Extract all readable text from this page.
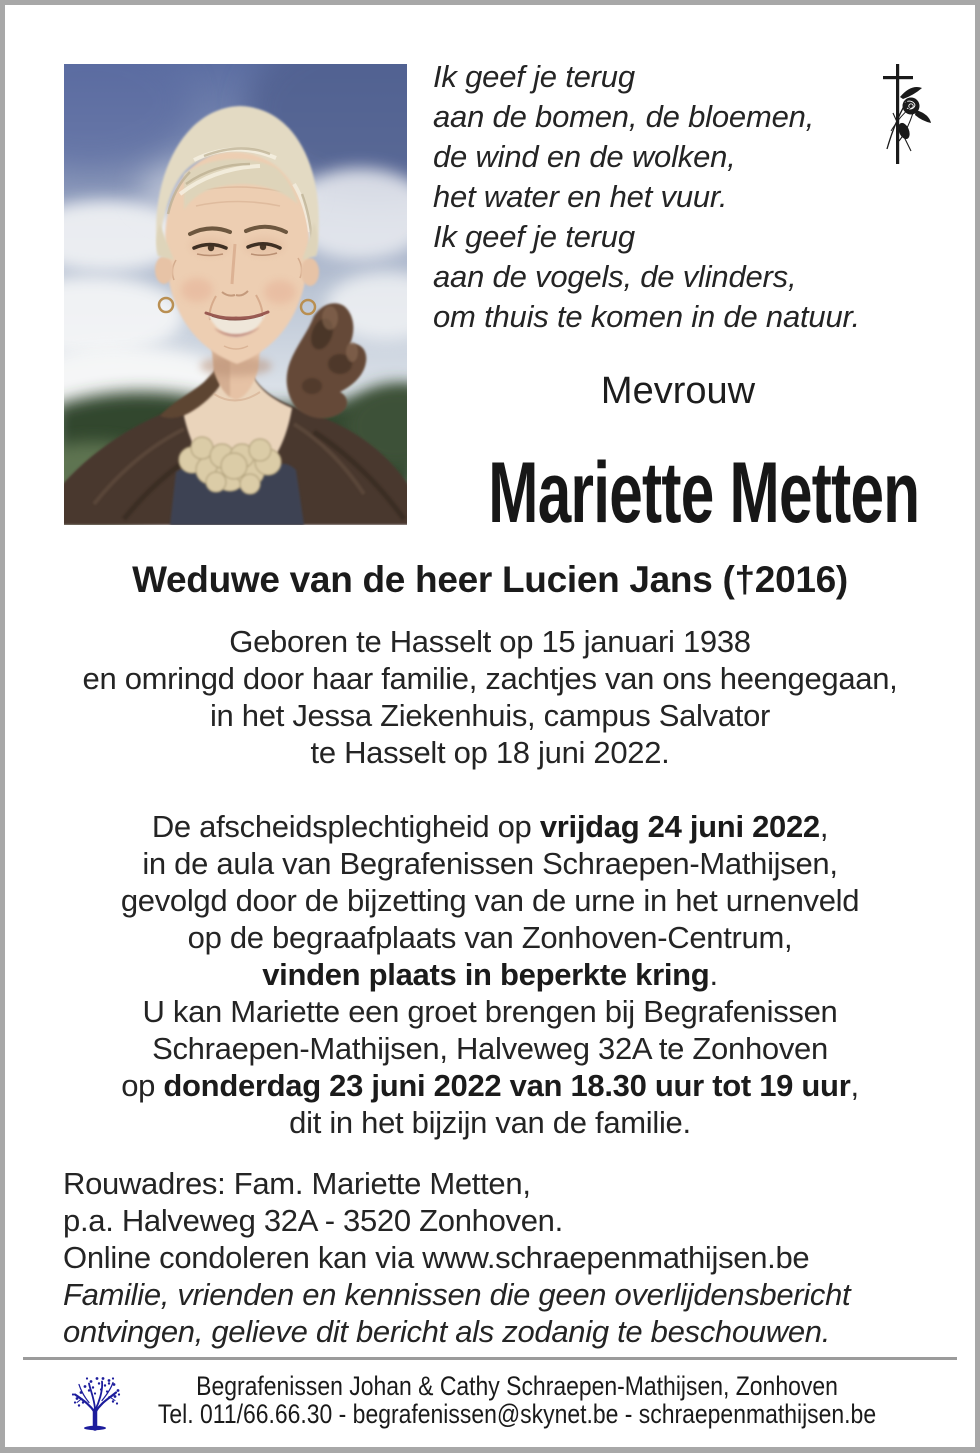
Ik geef je terug
aan de bomen, de bloemen,
de wind en de wolken,
het water en het vuur.
Ik geef je terug
aan de vogels, de vlinders,
om thuis te komen in de natuur.
Mevrouw
Mariette Metten
Weduwe van de heer Lucien Jans (†2016)
Geboren te Hasselt op 15 januari 1938
en omringd door haar familie, zachtjes van ons heengegaan,
in het Jessa Ziekenhuis, campus Salvator
te Hasselt op 18 juni 2022.
De afscheidsplechtigheid op vrijdag 24 juni 2022,
in de aula van Begrafenissen Schraepen-Mathijsen,
gevolgd door de bijzetting van de urne in het urnenveld
op de begraafplaats van Zonhoven-Centrum,
vinden plaats in beperkte kring.
U kan Mariette een groet brengen bij Begrafenissen
Schraepen-Mathijsen, Halveweg 32A te Zonhoven
op donderdag 23 juni 2022 van 18.30 uur tot 19 uur,
dit in het bijzijn van de familie.
Rouwadres: Fam. Mariette Metten,
p.a. Halveweg 32A - 3520 Zonhoven.
Online condoleren kan via www.schraepenmathijsen.be
Familie, vrienden en kennissen die geen overlijdensbericht
ontvingen, gelieve dit bericht als zodanig te beschouwen.
Begrafenissen Johan & Cathy Schraepen-Mathijsen, Zonhoven
Tel. 011/66.66.30 - begrafenissen@skynet.be - schraepenmathijsen.be
